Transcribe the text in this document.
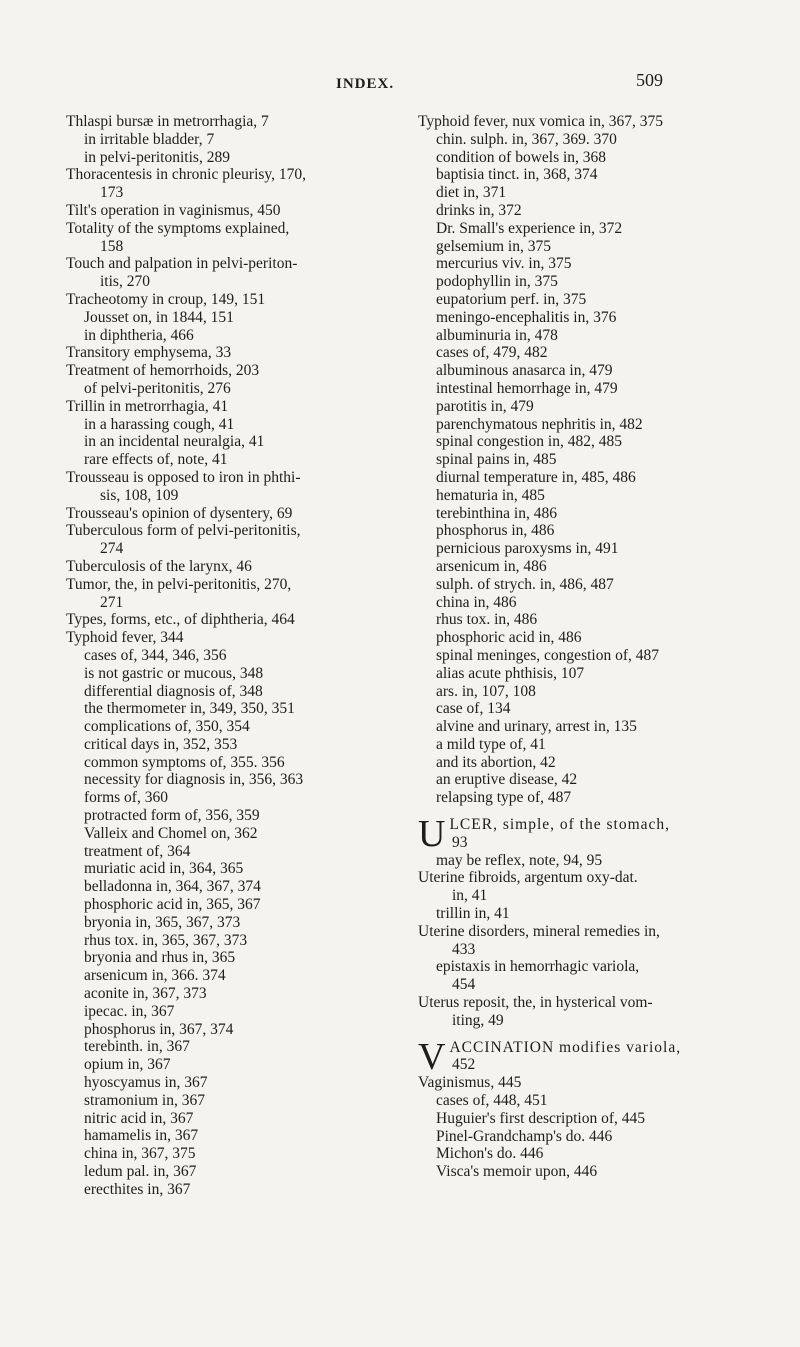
INDEX.	509

Thlaspi bursæ in metrorrhagia, 7

in irritable bladder, 7

in pelvi-peritonitis, 289

Thoracentesis in chronic pleurisy, 170,

173

Tilt's operation in vaginismus, 450

Totality of the symptoms explained,

158

Touch and palpation in pelvi-periton-

itis, 270

Tracheotomy in croup, 149, 151

Jousset on, in 1844, 151

in diphtheria, 466

Transitory emphysema, 33

Treatment of hemorrhoids, 203

of pelvi-peritonitis, 276

Trillin in metrorrhagia, 41

in a harassing cough, 41

in an incidental neuralgia, 41

rare effects of, note, 41

Trousseau is opposed to iron in phthi-

sis, 108, 109

Trousseau's opinion of dysentery, 69

Tuberculous form of pelvi-peritonitis,

274

Tuberculosis of the larynx, 46

Tumor, the, in pelvi-peritonitis, 270,

271

Types, forms, etc., of diphtheria, 464

Typhoid fever, 344

cases of, 344, 346, 356

is not gastric or mucous, 348

differential diagnosis of, 348

the thermometer in, 349, 350, 351

complications of, 350, 354

critical days in, 352, 353

common symptoms of, 355. 356

necessity for diagnosis in, 356, 363

forms of, 360

protracted form of, 356, 359

Valleix and Chomel on, 362

treatment of, 364

muriatic acid in, 364, 365

belladonna in, 364, 367, 374

phosphoric acid in, 365, 367

bryonia in, 365, 367, 373

rhus tox. in, 365, 367, 373

bryonia and rhus in, 365

arsenicum in, 366. 374

aconite in, 367, 373

ipecac. in, 367

phosphorus in, 367, 374

terebinth. in, 367

opium in, 367

hyoscyamus in, 367

stramonium in, 367

nitric acid in, 367

hamamelis in, 367

china in, 367, 375

ledum pal. in, 367

erecthites in, 367

Typhoid fever, nux vomica in, 367, 375

chin. sulph. in, 367, 369. 370

condition of bowels in, 368

baptisia tinct. in, 368, 374

diet in, 371

drinks in, 372

Dr. Small's experience in, 372

gelsemium in, 375

mercurius viv. in, 375

podophyllin in, 375

eupatorium perf. in, 375

meningo-encephalitis in, 376

albuminuria in, 478

cases of, 479, 482

albuminous anasarca in, 479

intestinal hemorrhage in, 479

parotitis in, 479

parenchymatous nephritis in, 482

spinal congestion in, 482, 485

spinal pains in, 485

diurnal temperature in, 485, 486

hematuria in, 485

terebinthina in, 486

phosphorus in, 486

pernicious paroxysms in, 491

arsenicum in, 486

sulph. of strych. in, 486, 487

china in, 486

rhus tox. in, 486

phosphoric acid in, 486

spinal meninges, congestion of, 487

alias acute phthisis, 107

ars. in, 107, 108

case of, 134

alvine and urinary, arrest in, 135

a mild type of, 41

and its abortion, 42

an eruptive disease, 42

relapsing type of, 487

ULCER, simple, of the stomach,

93

may be reflex, note, 94, 95

Uterine fibroids, argentum oxy-dat.

in, 41

trillin in, 41

Uterine disorders, mineral remedies in,

433

epistaxis in hemorrhagic variola,

454

Uterus reposit, the, in hysterical vom-

iting, 49

VACCINATION modifies variola,

452

Vaginismus, 445

cases of, 448, 451

Huguier's first description of, 445

Pinel-Grandchamp's do. 446

Michon's do. 446

Visca's memoir upon, 446
